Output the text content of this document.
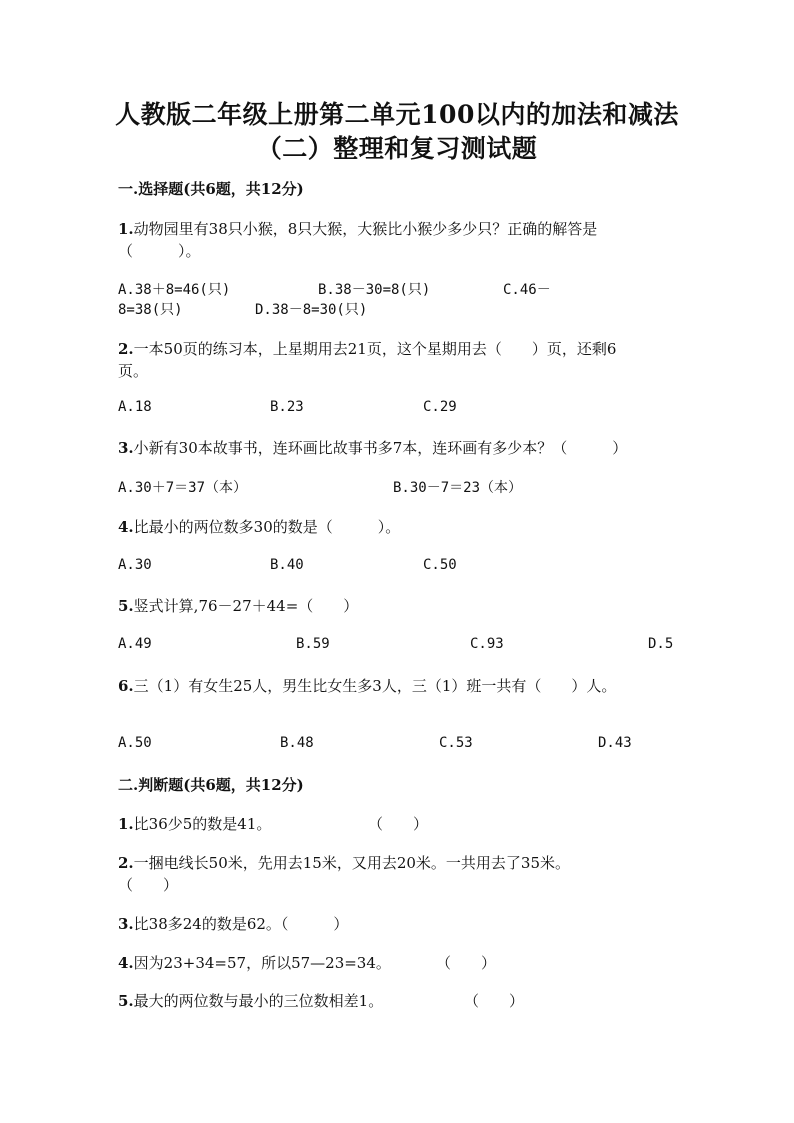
人教版二年级上册第二单元100以内的加法和减法
（二）整理和复习测试题
一.选择题(共6题，共12分)
1.动物园里有38只小猴，8只大猴，大猴比小猴少多少只？正确的解答是
（　　　）。
A.38＋8=46(只)	B.38－30=8(只)	C.46－
8=38(只)	D.38－8=30(只)
2.一本50页的练习本，上星期用去21页，这个星期用去（　　）页，还剩6
页。
A.18	B.23	C.29
3.小新有30本故事书，连环画比故事书多7本，连环画有多少本？（　　　）
A.30＋7＝37（本）	B.30－7＝23（本）
4.比最小的两位数多30的数是（　　　）。
A.30	B.40	C.50
5.竖式计算,76－27＋44=（　　）
A.49	B.59	C.93	D.5
6.三（1）有女生25人，男生比女生多3人，三（1）班一共有（　　）人。
A.50	B.48	C.53	D.43
二.判断题(共6题，共12分)
1.比36少5的数是41。	（　　）
2.一捆电线长50米，先用去15米，又用去20米。一共用去了35米。
（　　）
3.比38多24的数是62。（　　　）
4.因为23+34=57，所以57—23=34。	（　　）
5.最大的两位数与最小的三位数相差1。	（　　）
